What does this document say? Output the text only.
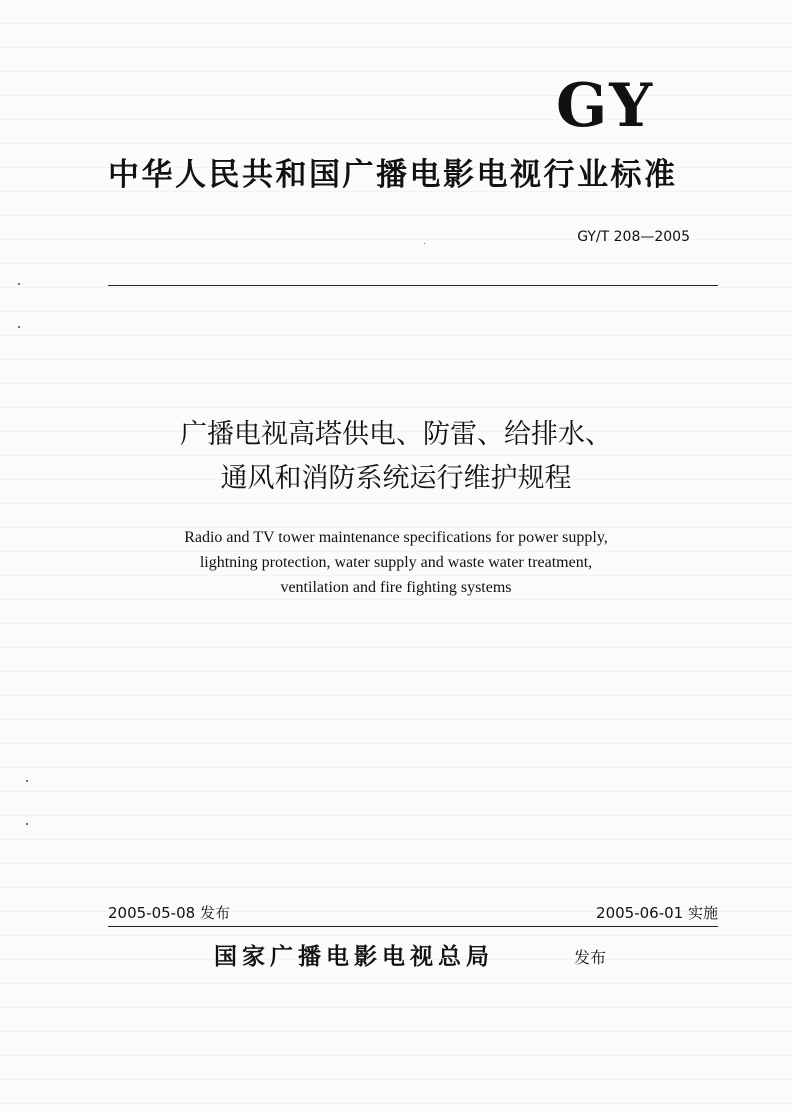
GY
中华人民共和国广播电影电视行业标准
GY/T 208—2005
广播电视高塔供电、防雷、给排水、
通风和消防系统运行维护规程
Radio and TV tower maintenance specifications for power supply,
lightning protection, water supply and waste water treatment,
ventilation and fire fighting systems
2005-05-08 发布	2005-06-01 实施
国家广播电影电视总局	发布
